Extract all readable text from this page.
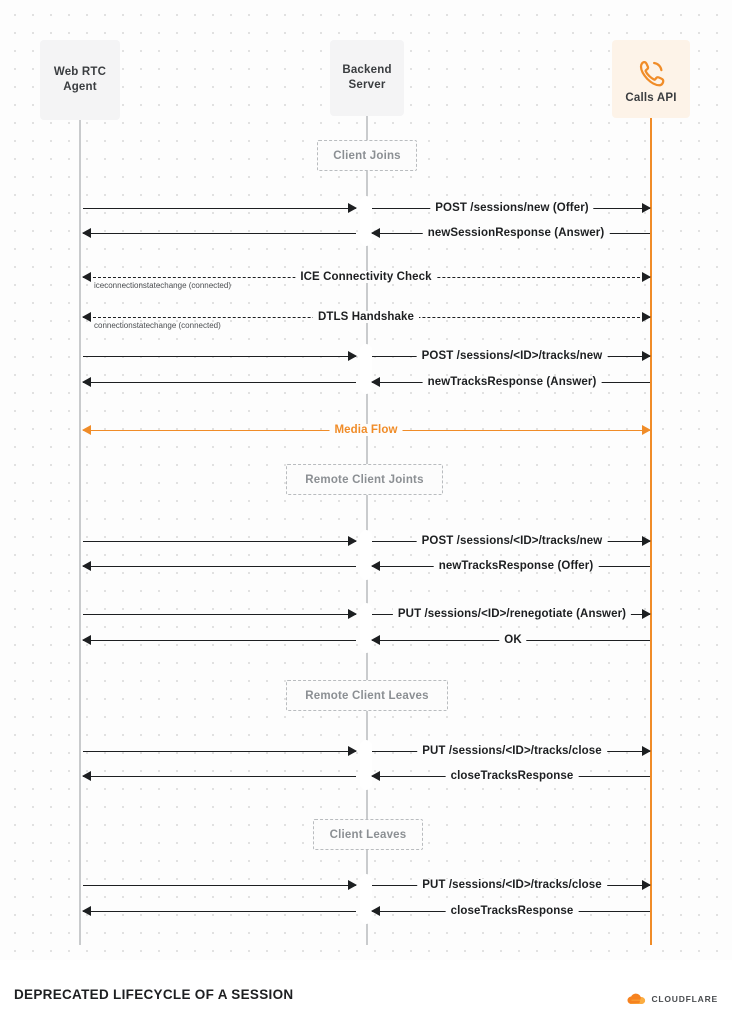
Web RTC
Agent
Backend
Server
Calls API
Client Joins
POST /sessions/new (Offer)
newSessionResponse (Answer)
ICE Connectivity Check
iceconnectionstatechange (connected)
DTLS Handshake
connectionstatechange (connected)
POST /sessions/<ID>/tracks/new
newTracksResponse (Answer)
Media Flow
Remote Client Joints
POST /sessions/<ID>/tracks/new
newTracksResponse (Offer)
PUT /sessions/<ID>/renegotiate (Answer)
OK
Remote Client Leaves
PUT /sessions/<ID>/tracks/close
closeTracksResponse
Client Leaves
PUT /sessions/<ID>/tracks/close
closeTracksResponse
DEPRECATED LIFECYCLE OF A SESSION	CLOUDFLARE
